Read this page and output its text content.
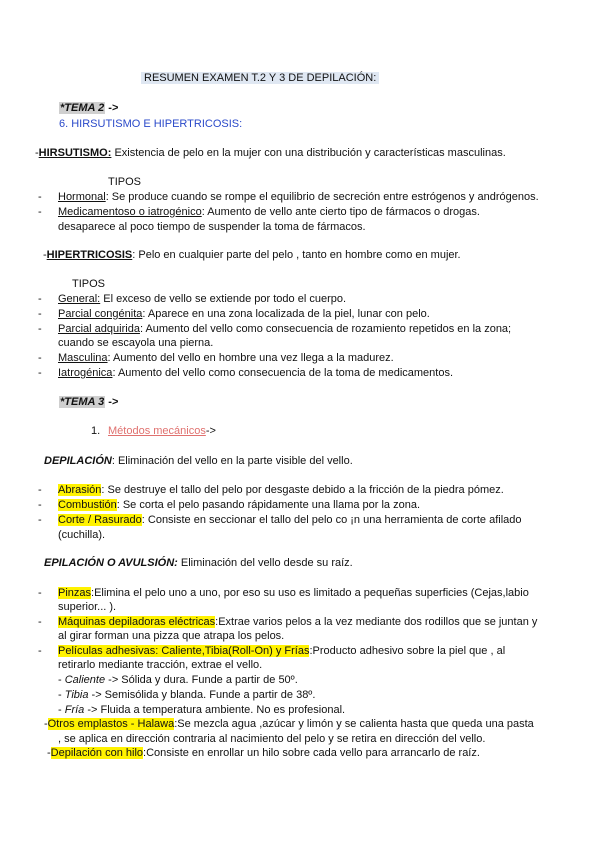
RESUMEN EXAMEN T.2 Y 3 DE DEPILACIÓN:
*TEMA 2 ->
6. HIRSUTISMO E HIPERTRICOSIS:
-HIRSUTISMO: Existencia de pelo en la mujer con una distribución y características masculinas.
TIPOS
- Hormonal: Se produce cuando se rompe el equilibrio de secreción entre estrógenos y andrógenos.
- Medicamentoso o iatrogénico: Aumento de vello ante cierto tipo de fármacos o drogas.
desaparece al poco tiempo de suspender la toma de fármacos.
-HIPERTRICOSIS: Pelo en cualquier parte del pelo , tanto en hombre como en mujer.
TIPOS
- General: El exceso de vello se extiende por todo el cuerpo.
- Parcial congénita: Aparece en una zona localizada de la piel, lunar con pelo.
- Parcial adquirida: Aumento del vello como consecuencia de rozamiento repetidos en la zona;
cuando se escayola una pierna.
- Masculina: Aumento del vello en hombre una vez llega a la madurez.
- Iatrogénica: Aumento del vello como consecuencia de la toma de medicamentos.
*TEMA 3 ->
1. Métodos mecánicos->
DEPILACIÓN: Eliminación del vello en la parte visible del vello.
- Abrasión: Se destruye el tallo del pelo por desgaste debido a la fricción de la piedra pómez.
- Combustión: Se corta el pelo pasando rápidamente una llama por la zona.
- Corte / Rasurado: Consiste en seccionar el tallo del pelo co ¡n una herramienta de corte afilado
(cuchilla).
EPILACIÓN O AVULSIÓN: Eliminación del vello desde su raíz.
- Pinzas:Elimina el pelo uno a uno, por eso su uso es limitado a pequeñas superficies (Cejas,labio
superior... ).
- Máquinas depiladoras eléctricas:Extrae varios pelos a la vez mediante dos rodillos que se juntan y
al girar forman una pizza que atrapa los pelos.
- Películas adhesivas: Caliente,Tibia(Roll-On) y Frías:Producto adhesivo sobre la piel que , al
retirarlo mediante tracción, extrae el vello.
- Caliente -> Sólida y dura. Funde a partir de 50º.
- Tibia -> Semisólida y blanda. Funde a partir de 38º.
- Fría -> Fluida a temperatura ambiente. No es profesional.
-Otros emplastos - Halawa:Se mezcla agua ,azúcar y limón y se calienta hasta que queda una pasta
, se aplica en dirección contraria al nacimiento del pelo y se retira en dirección del vello.
-Depilación con hilo:Consiste en enrollar un hilo sobre cada vello para arrancarlo de raíz.
